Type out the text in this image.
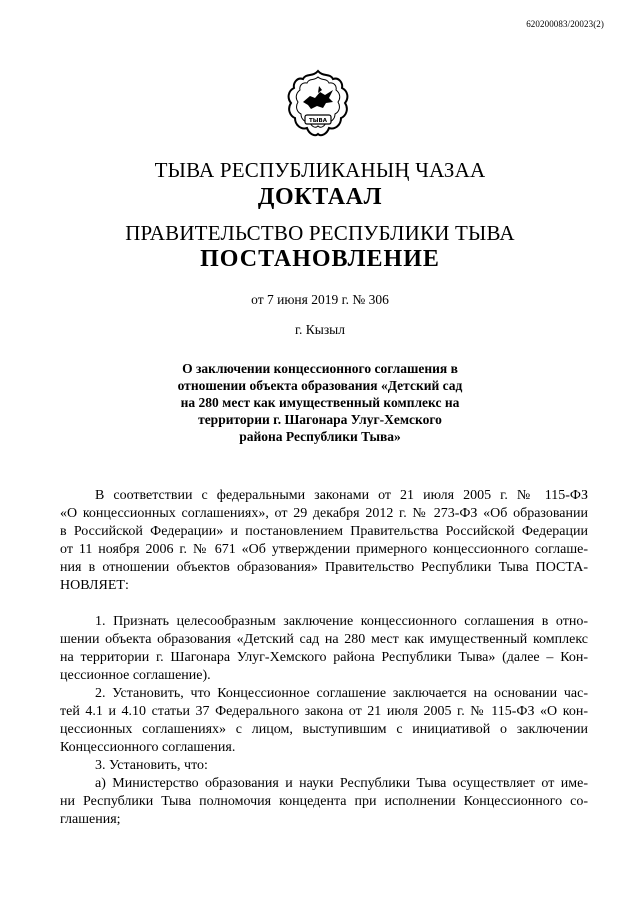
620200083/20023(2)
ТЫВА
ТЫВА РЕСПУБЛИКАНЫҢ ЧАЗАА
ДОКТААЛ
ПРАВИТЕЛЬСТВО РЕСПУБЛИКИ ТЫВА
ПОСТАНОВЛЕНИЕ
от 7 июня 2019 г. № 306
г. Кызыл
О заключении концессионного соглашения в
отношении объекта образования «Детский сад
на 280 мест как имущественный комплекс на
территории г. Шагонара Улуг-Хемского
района Республики Тыва»

В соответствии с федеральными законами от 21 июля 2005 г. № 115-ФЗ

«О концессионных соглашениях», от 29 декабря 2012 г. № 273-ФЗ «Об образовании

в Российской Федерации» и постановлением Правительства Российской Федерации

от 11 ноября 2006 г. № 671 «Об утверждении примерного концессионного соглаше-

ния в отношении объектов образования» Правительство Республики Тыва ПОСТА-

НОВЛЯЕТ:

1. Признать целесообразным заключение концессионного соглашения в отно-

шении объекта образования «Детский сад на 280 мест как имущественный комплекс

на территории г. Шагонара Улуг-Хемского района Республики Тыва» (далее – Кон-

цессионное соглашение).

2. Установить, что Концессионное соглашение заключается на основании час-

тей 4.1 и 4.10 статьи 37 Федерального закона от 21 июля 2005 г. № 115-ФЗ «О кон-

цессионных соглашениях» с лицом, выступившим с инициативой о заключении

Концессионного соглашения.

3. Установить, что:

а) Министерство образования и науки Республики Тыва осуществляет от име-

ни Республики Тыва полномочия концедента при исполнении Концессионного со-

глашения;
